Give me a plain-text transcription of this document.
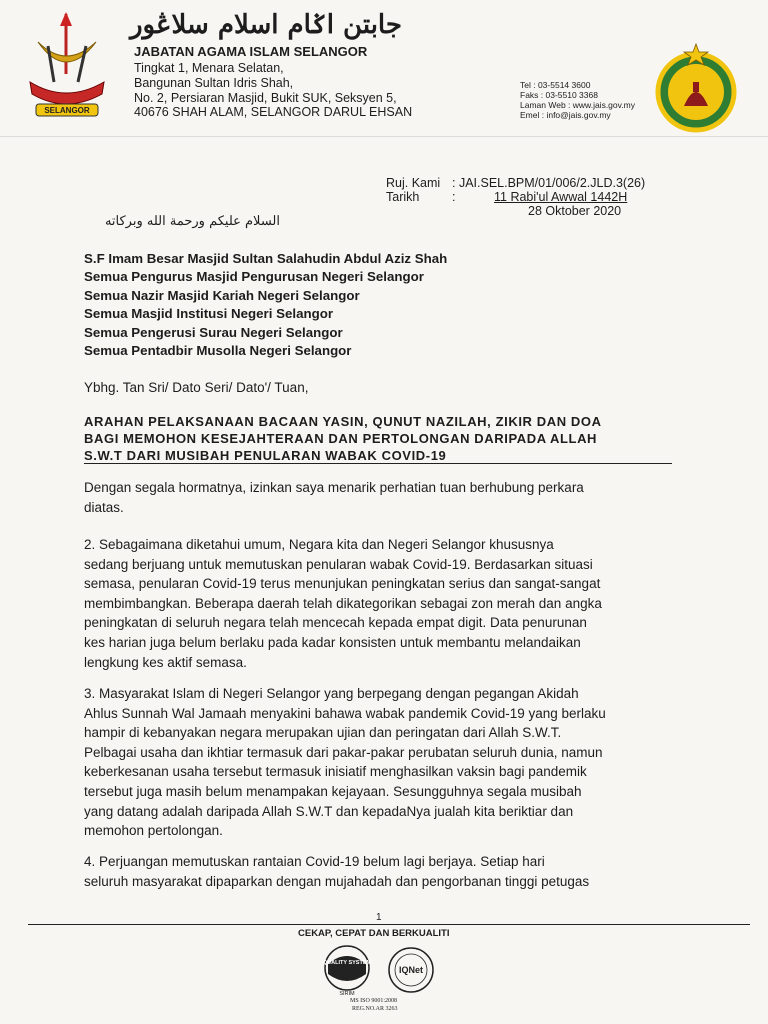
SELANGOR
جابتن اݢام اسلام سلاڠور
JABATAN AGAMA ISLAM SELANGOR
Tingkat 1, Menara Selatan,
Bangunan Sultan Idris Shah,
No. 2, Persiaran Masjid, Bukit SUK, Seksyen 5,
40676 SHAH ALAM, SELANGOR DARUL EHSAN
Tel : 03-5514 3600
Faks : 03-5510 3368
Laman Web : www.jais.gov.my
Emel : info@jais.gov.my
Ruj. Kami : JAI.SEL.BPM/01/006/2.JLD.3(26)
Tarikh	:	11 Rabi'ul Awwal 1442H
28 Oktober 2020
السلام عليكم ورحمة الله وبركاته
S.F Imam Besar Masjid Sultan Salahudin Abdul Aziz Shah
Semua Pengurus Masjid Pengurusan Negeri Selangor
Semua Nazir Masjid Kariah Negeri Selangor
Semua Masjid Institusi Negeri Selangor
Semua Pengerusi Surau Negeri Selangor
Semua Pentadbir Musolla Negeri Selangor
Ybhg. Tan Sri/ Dato Seri/ Dato'/ Tuan,
ARAHAN PELAKSANAAN BACAAN YASIN, QUNUT NAZILAH, ZIKIR DAN DOA
BAGI MEMOHON KESEJAHTERAAN DAN PERTOLONGAN DARIPADA ALLAH
S.W.T DARI MUSIBAH PENULARAN WABAK COVID-19
Dengan segala hormatnya, izinkan saya menarik perhatian tuan berhubung perkara
diatas.
2. Sebagaimana diketahui umum, Negara kita dan Negeri Selangor khususnya
sedang berjuang untuk memutuskan penularan wabak Covid-19. Berdasarkan situasi
semasa, penularan Covid-19 terus menunjukan peningkatan serius dan sangat-sangat
membimbangkan. Beberapa daerah telah dikategorikan sebagai zon merah dan angka
peningkatan di seluruh negara telah mencecah kepada empat digit. Data penurunan
kes harian juga belum berlaku pada kadar konsisten untuk membantu melandaikan
lengkung kes aktif semasa.
3. Masyarakat Islam di Negeri Selangor yang berpegang dengan pegangan Akidah
Ahlus Sunnah Wal Jamaah menyakini bahawa wabak pandemik Covid-19 yang berlaku
hampir di kebanyakan negara merupakan ujian dan peringatan dari Allah S.W.T.
Pelbagai usaha dan ikhtiar termasuk dari pakar-pakar perubatan seluruh dunia, namun
keberkesanan usaha tersebut termasuk inisiatif menghasilkan vaksin bagi pandemik
tersebut juga masih belum menampakan kejayaan. Sesungguhnya segala musibah
yang datang adalah daripada Allah S.W.T dan kepadaNya jualah kita beriktiar dan
memohon pertolongan.
4. Perjuangan memutuskan rantaian Covid-19 belum lagi berjaya. Setiap hari
seluruh masyarakat dipaparkan dengan mujahadah dan pengorbanan tinggi petugas
1
CEKAP, CEPAT DAN BERKUALITI
QUALITY SYSTEM
SIRIM
IQNet
MS ISO 9001:2008
REG.NO.AR 3263
